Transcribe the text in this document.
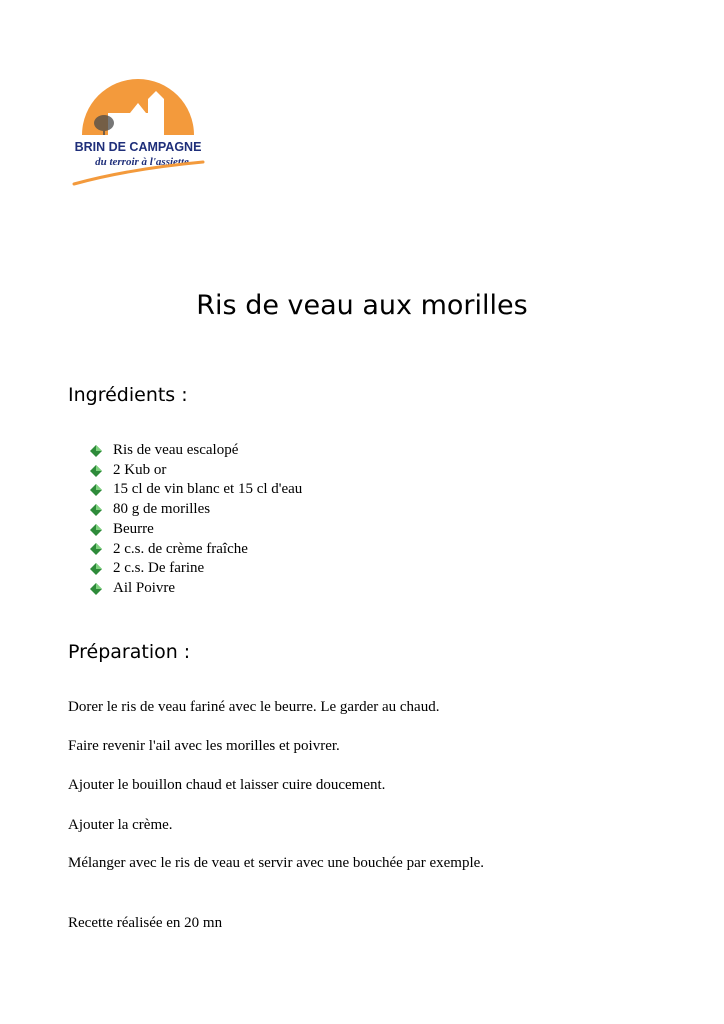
BRIN DE CAMPAGNE
du terroir à l'assiette
Ris de veau aux morilles
Ingrédients :
Ris de veau escalopé
2 Kub or
15 cl de vin blanc et 15 cl d'eau
80 g de morilles
Beurre
2 c.s. de crème fraîche
2 c.s. De farine
Ail Poivre
Préparation :

Dorer le ris de veau fariné avec le beurre. Le garder au chaud.

Faire revenir l'ail avec les morilles et poivrer.

Ajouter le bouillon chaud et laisser cuire doucement.

Ajouter la crème.

Mélanger avec le ris de veau et servir avec une bouchée par exemple.

Recette réalisée en 20 mn
